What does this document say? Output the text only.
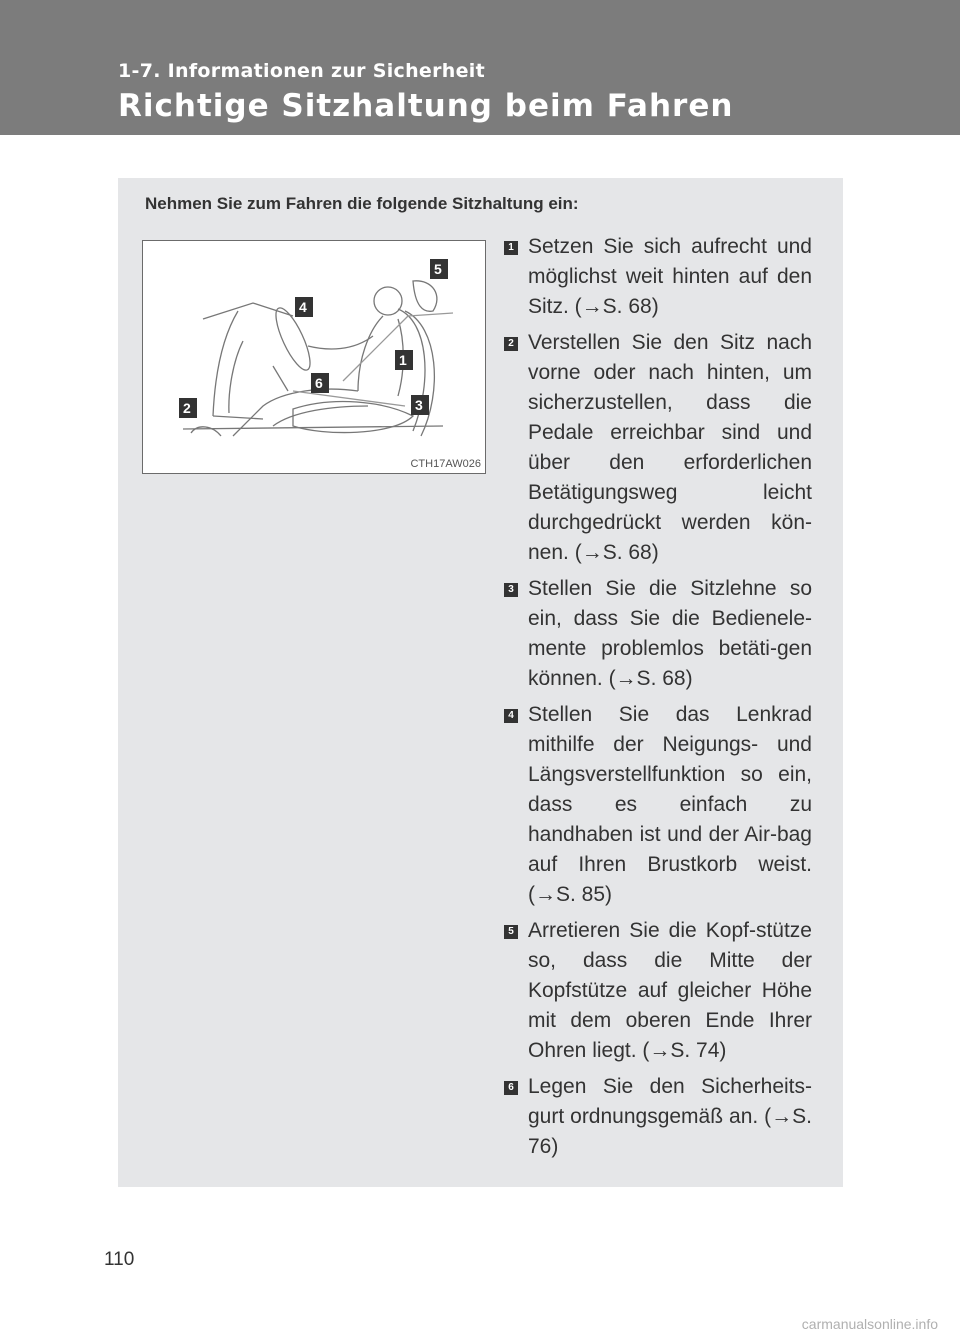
1-7. Informationen zur Sicherheit
Richtige Sitzhaltung beim Fahren

Nehmen Sie zum Fahren die folgende Sitzhaltung ein:

5
4
1
6
2	3
CTH17AW026
1 Setzen Sie sich aufrecht und möglichst weit hinten auf den Sitz. (→S. 68)

2 Verstellen Sie den Sitz nach vorne oder nach hinten, um sicherzustellen, dass die Pedale erreichbar sind und über den erforderlichen Betätigungsweg leicht durchgedrückt werden kön-nen. (→S. 68)

3 Stellen Sie die Sitzlehne so ein, dass Sie die Bedienele-mente problemlos betäti-gen können. (→S. 68)

4 Stellen Sie das Lenkrad mithilfe der Neigungs- und Längsverstellfunktion so ein, dass es einfach zu handhaben ist und der Air-bag auf Ihren Brustkorb weist. (→S. 85)

5 Arretieren Sie die Kopf-stütze so, dass die Mitte der Kopfstütze auf gleicher Höhe mit dem oberen Ende Ihrer Ohren liegt. (→S. 74)

6 Legen Sie den Sicherheits-gurt ordnungsgemäß an. (→S. 76)

110
carmanualsonline.info
